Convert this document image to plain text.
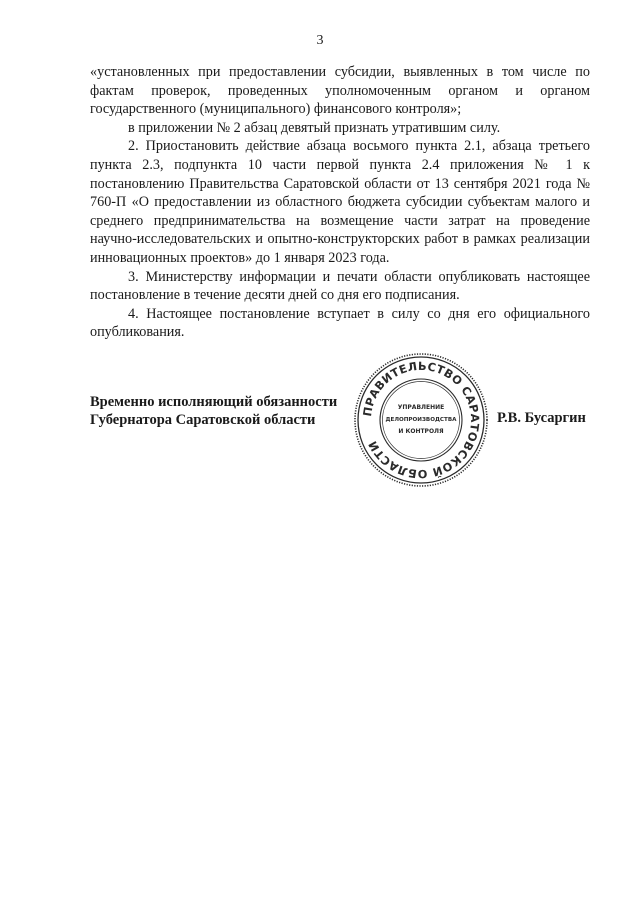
3

«установленных при предоставлении субсидии, выявленных в том числе по фактам проверок, проведенных уполномоченным органом и органом государственного (муниципального) финансового контроля»;

в приложении № 2 абзац девятый признать утратившим силу.

2. Приостановить действие абзаца восьмого пункта 2.1, абзаца третьего пункта 2.3, подпункта 10 части первой пункта 2.4 приложения № 1 к постановлению Правительства Саратовской области от 13 сентября 2021 года № 760-П «О предоставлении из областного бюджета субсидии субъектам малого и среднего предпринимательства на возмещение части затрат на проведение научно-исследовательских и опытно-конструкторских работ в рамках реализации инновационных проектов» до 1 января 2023 года.

3. Министерству информации и печати области опубликовать настоящее постановление в течение десяти дней со дня его подписания.

4. Настоящее постановление вступает в силу со дня его официального опубликования.

Временно исполняющий обязанности
Губернатора Саратовской области
ПРАВИТЕЛЬСТВО САРАТОВСКОЙ ОБЛАСТИ
УПРАВЛЕНИЕ
ДЕЛОПРОИЗВОДСТВА
И КОНТРОЛЯ
Р.В. Бусаргин
